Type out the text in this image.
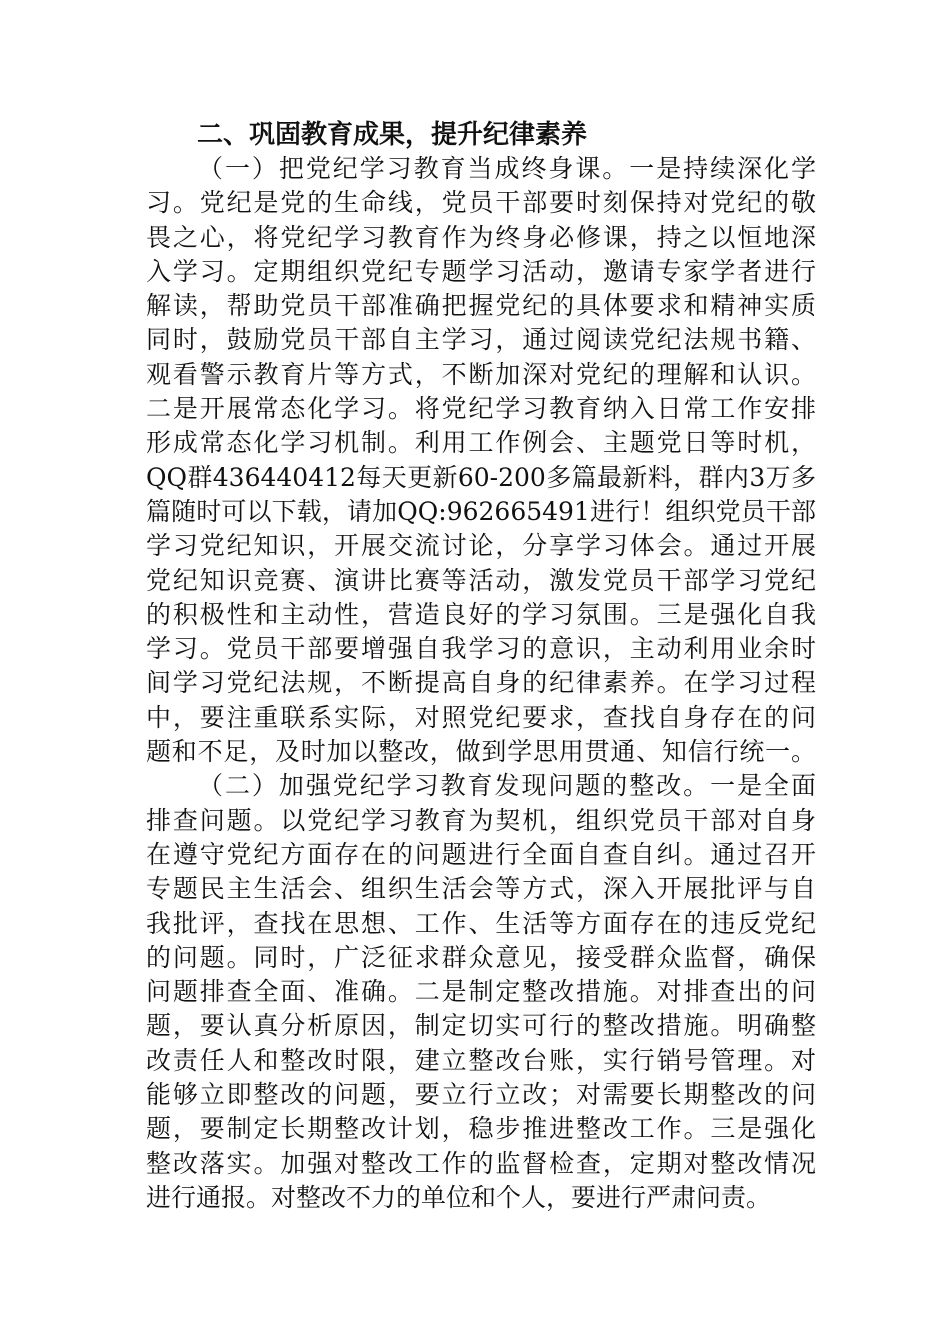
二、巩固教育成果，提升纪律素养
（一）把党纪学习教育当成终身课。一是持续深化学
习。党纪是党的生命线，党员干部要时刻保持对党纪的敬
畏之心，将党纪学习教育作为终身必修课，持之以恒地深
入学习。定期组织党纪专题学习活动，邀请专家学者进行
解读，帮助党员干部准确把握党纪的具体要求和精神实质
同时，鼓励党员干部自主学习，通过阅读党纪法规书籍、
观看警示教育片等方式，不断加深对党纪的理解和认识。
二是开展常态化学习。将党纪学习教育纳入日常工作安排
形成常态化学习机制。利用工作例会、主题党日等时机，
QQ群436440412每天更新60-200多篇最新料，群内3万多
篇随时可以下载，请加QQ:962665491进行！组织党员干部
学习党纪知识，开展交流讨论，分享学习体会。通过开展
党纪知识竞赛、演讲比赛等活动，激发党员干部学习党纪
的积极性和主动性，营造良好的学习氛围。三是强化自我
学习。党员干部要增强自我学习的意识，主动利用业余时
间学习党纪法规，不断提高自身的纪律素养。在学习过程
中，要注重联系实际，对照党纪要求，查找自身存在的问
题和不足，及时加以整改，做到学思用贯通、知信行统一。
（二）加强党纪学习教育发现问题的整改。一是全面
排查问题。以党纪学习教育为契机，组织党员干部对自身
在遵守党纪方面存在的问题进行全面自查自纠。通过召开
专题民主生活会、组织生活会等方式，深入开展批评与自
我批评，查找在思想、工作、生活等方面存在的违反党纪
的问题。同时，广泛征求群众意见，接受群众监督，确保
问题排查全面、准确。二是制定整改措施。对排查出的问
题，要认真分析原因，制定切实可行的整改措施。明确整
改责任人和整改时限，建立整改台账，实行销号管理。对
能够立即整改的问题，要立行立改；对需要长期整改的问
题，要制定长期整改计划，稳步推进整改工作。三是强化
整改落实。加强对整改工作的监督检查，定期对整改情况
进行通报。对整改不力的单位和个人，要进行严肃问责。
